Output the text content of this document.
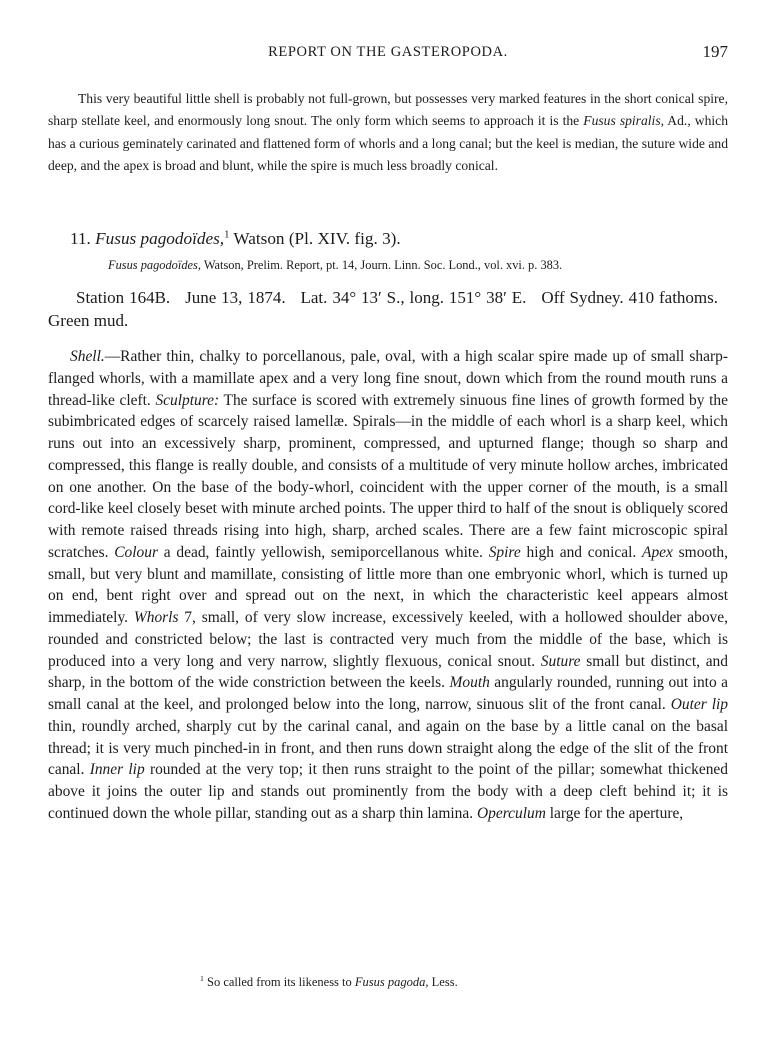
REPORT ON THE GASTEROPODA.	197

This very beautiful little shell is probably not full-grown, but possesses very marked features in the short conical spire, sharp stellate keel, and enormously long snout. The only form which seems to approach it is the Fusus spiralis, Ad., which has a curious geminately carinated and flattened form of whorls and a long canal; but the keel is median, the suture wide and deep, and the apex is broad and blunt, while the spire is much less broadly conical.

11. Fusus pagodoïdes,$^1$ Watson (Pl. XIV. fig. 3).

Fusus pagodoïdes, Watson, Prelim. Report, pt. 14, Journ. Linn. Soc. Lond., vol. xvi. p. 383.

Station 164B. June 13, 1874. Lat. 34° 13′ S., long. 151° 38′ E. Off Sydney. 410 fathoms. Green mud.

Shell.—Rather thin, chalky to porcellanous, pale, oval, with a high scalar spire made up of small sharp-flanged whorls, with a mamillate apex and a very long fine snout, down which from the round mouth runs a thread-like cleft. Sculpture: The surface is scored with extremely sinuous fine lines of growth formed by the subimbricated edges of scarcely raised lamellæ. Spirals—in the middle of each whorl is a sharp keel, which runs out into an excessively sharp, prominent, compressed, and upturned flange; though so sharp and compressed, this flange is really double, and consists of a multitude of very minute hollow arches, imbricated on one another. On the base of the body-whorl, coincident with the upper corner of the mouth, is a small cord-like keel closely beset with minute arched points. The upper third to half of the snout is obliquely scored with remote raised threads rising into high, sharp, arched scales. There are a few faint microscopic spiral scratches. Colour a dead, faintly yellowish, semiporcellanous white. Spire high and conical. Apex smooth, small, but very blunt and mamillate, consisting of little more than one embryonic whorl, which is turned up on end, bent right over and spread out on the next, in which the characteristic keel appears almost immediately. Whorls 7, small, of very slow increase, excessively keeled, with a hollowed shoulder above, rounded and constricted below; the last is contracted very much from the middle of the base, which is produced into a very long and very narrow, slightly flexuous, conical snout. Suture small but distinct, and sharp, in the bottom of the wide constriction between the keels. Mouth angularly rounded, running out into a small canal at the keel, and prolonged below into the long, narrow, sinuous slit of the front canal. Outer lip thin, roundly arched, sharply cut by the carinal canal, and again on the base by a little canal on the basal thread; it is very much pinched-in in front, and then runs down straight along the edge of the slit of the front canal. Inner lip rounded at the very top; it then runs straight to the point of the pillar; somewhat thickened above it joins the outer lip and stands out prominently from the body with a deep cleft behind it; it is continued down the whole pillar, standing out as a sharp thin lamina. Operculum large for the aperture,

$^1$ So called from its likeness to Fusus pagoda, Less.
